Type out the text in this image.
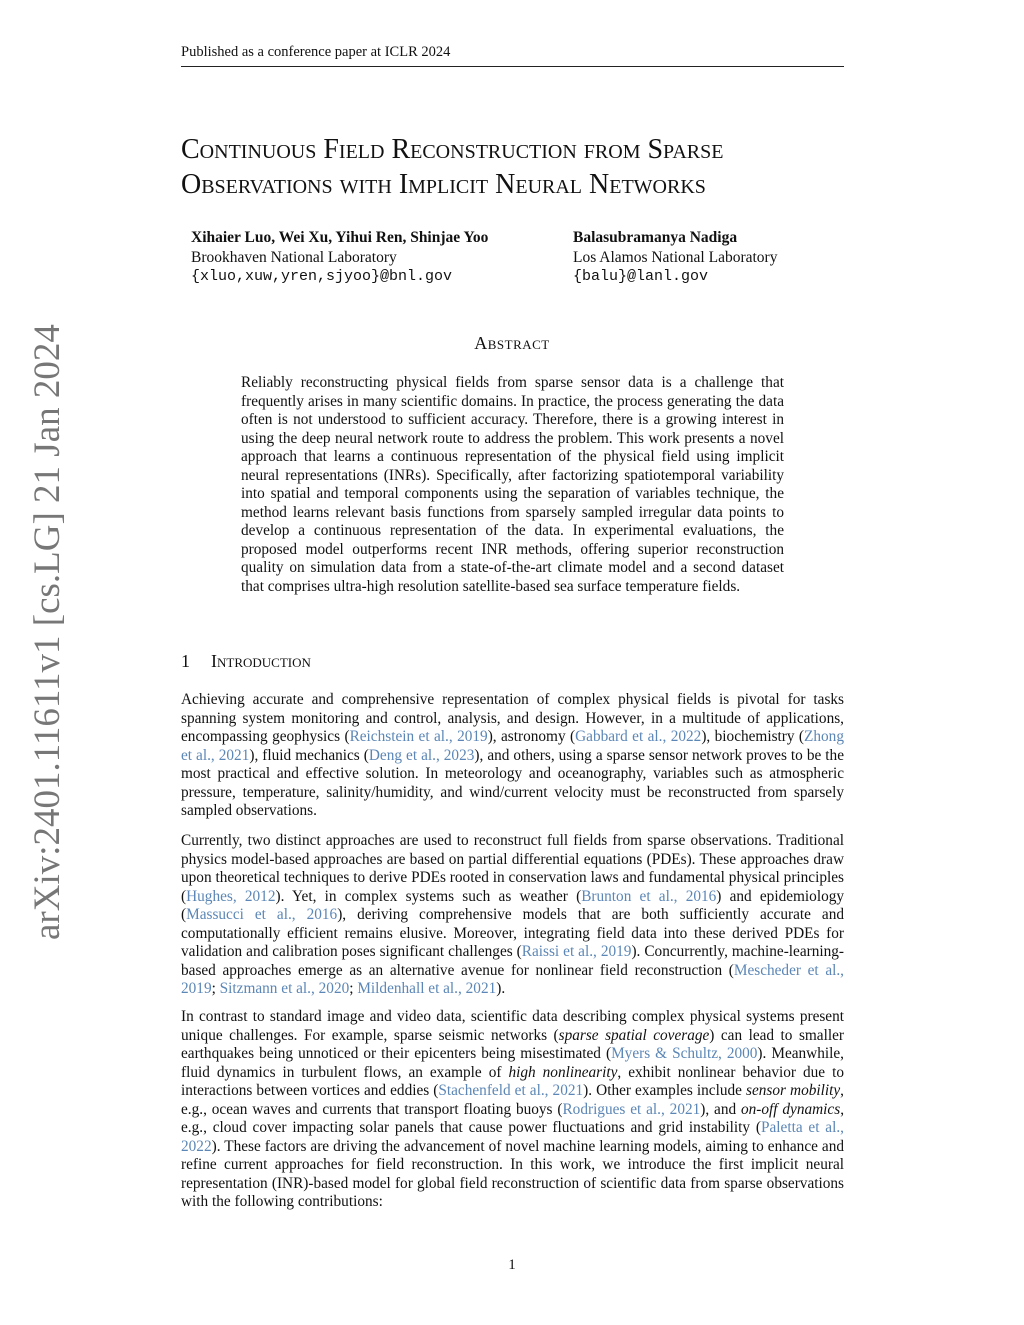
Published as a conference paper at ICLR 2024
arXiv:2401.11611v1 [cs.LG] 21 Jan 2024
Continuous Field Reconstruction from Sparse
Observations with Implicit Neural Networks
Xihaier Luo, Wei Xu, Yihui Ren, Shinjae Yoo
Brookhaven National Laboratory
{xluo,xuw,yren,sjyoo}@bnl.gov
Balasubramanya Nadiga
Los Alamos National Laboratory
{balu}@lanl.gov
Abstract

Reliably reconstructing physical fields from sparse sensor data is a challenge that frequently arises in many scientific domains. In practice, the process generating the data often is not understood to sufficient accuracy. Therefore, there is a growing interest in using the deep neural network route to address the problem. This work presents a novel approach that learns a continuous representation of the physical field using implicit neural representations (INRs). Specifically, after factorizing spatiotemporal variability into spatial and temporal components using the separation of variables technique, the method learns relevant basis functions from sparsely sampled irregular data points to develop a continuous representation of the data. In experimental evaluations, the proposed model outperforms recent INR methods, offering superior reconstruction quality on simulation data from a state-of-the-art climate model and a second dataset that comprises ultra-high resolution satellite-based sea surface temperature fields.

1 Introduction

Achieving accurate and comprehensive representation of complex physical fields is pivotal for tasks spanning system monitoring and control, analysis, and design. However, in a multitude of applications, encompassing geophysics (Reichstein et al., 2019), astronomy (Gabbard et al., 2022), biochemistry (Zhong et al., 2021), fluid mechanics (Deng et al., 2023), and others, using a sparse sensor network proves to be the most practical and effective solution. In meteorology and oceanography, variables such as atmospheric pressure, temperature, salinity/humidity, and wind/current velocity must be reconstructed from sparsely sampled observations.

Currently, two distinct approaches are used to reconstruct full fields from sparse observations. Traditional physics model-based approaches are based on partial differential equations (PDEs). These approaches draw upon theoretical techniques to derive PDEs rooted in conservation laws and fundamental physical principles (Hughes, 2012). Yet, in complex systems such as weather (Brunton et al., 2016) and epidemiology (Massucci et al., 2016), deriving comprehensive models that are both sufficiently accurate and computationally efficient remains elusive. Moreover, integrating field data into these derived PDEs for validation and calibration poses significant challenges (Raissi et al., 2019). Concurrently, machine-learning-based approaches emerge as an alternative avenue for nonlinear field reconstruction (Mescheder et al., 2019; Sitzmann et al., 2020; Mildenhall et al., 2021).

In contrast to standard image and video data, scientific data describing complex physical systems present unique challenges. For example, sparse seismic networks (sparse spatial coverage) can lead to smaller earthquakes being unnoticed or their epicenters being misestimated (Myers & Schultz, 2000). Meanwhile, fluid dynamics in turbulent flows, an example of high nonlinearity, exhibit nonlinear behavior due to interactions between vortices and eddies (Stachenfeld et al., 2021). Other examples include sensor mobility, e.g., ocean waves and currents that transport floating buoys (Rodrigues et al., 2021), and on-off dynamics, e.g., cloud cover impacting solar panels that cause power fluctuations and grid instability (Paletta et al., 2022). These factors are driving the advancement of novel machine learning models, aiming to enhance and refine current approaches for field reconstruction. In this work, we introduce the first implicit neural representation (INR)-based model for global field reconstruction of scientific data from sparse observations with the following contributions:

1
